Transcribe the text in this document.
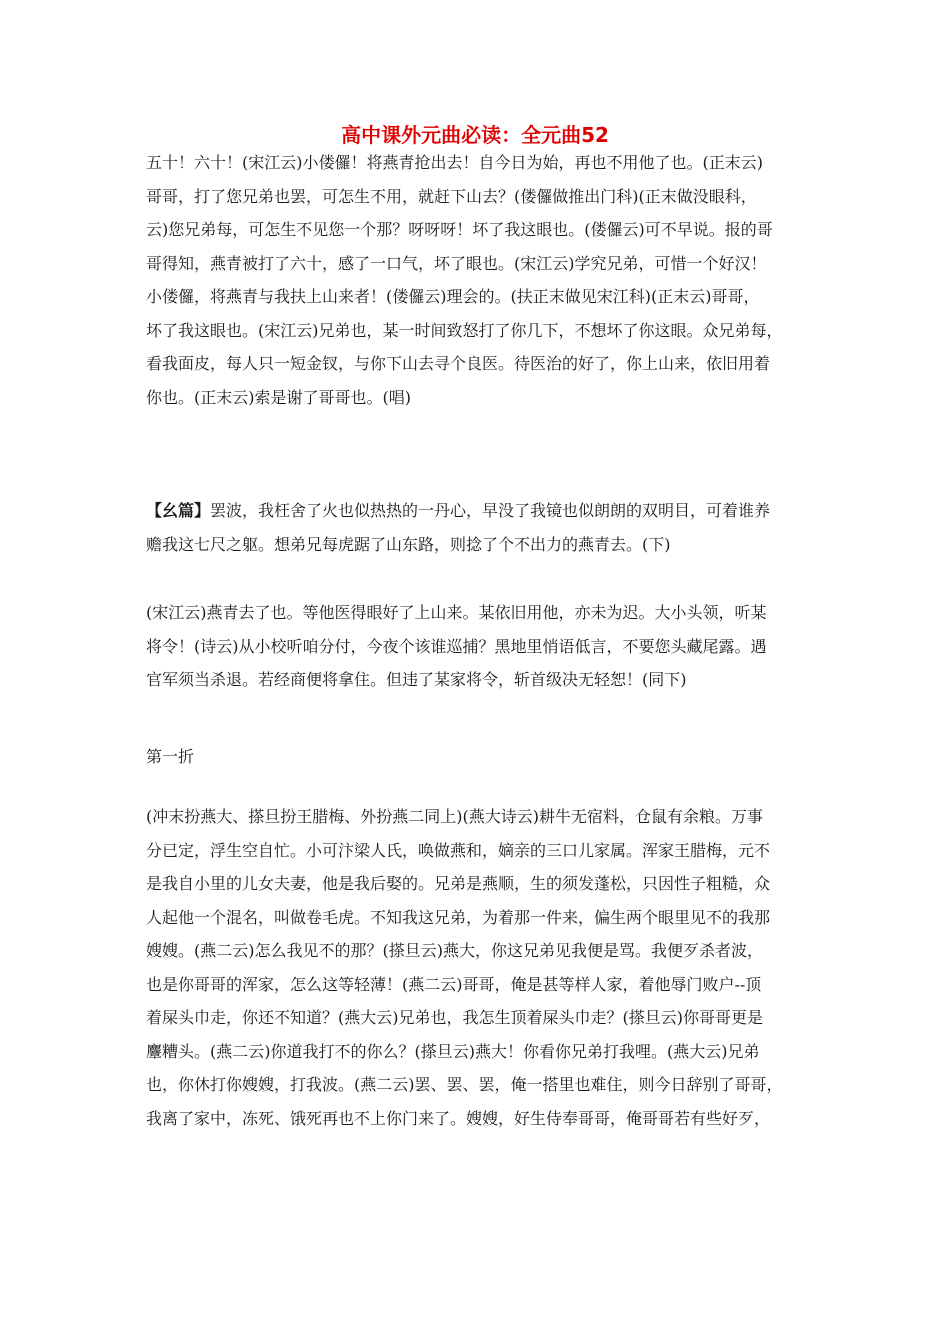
高中课外元曲必读：全元曲52
五十！六十！(宋江云)小偻儸！将燕青抢出去！自今日为始，再也不用他了也。(正末云)
哥哥，打了您兄弟也罢，可怎生不用，就赶下山去？(偻儸做推出门科)(正末做没眼科，
云)您兄弟每，可怎生不见您一个那？呀呀呀！坏了我这眼也。(偻儸云)可不早说。报的哥
哥得知，燕青被打了六十，感了一口气，坏了眼也。(宋江云)学究兄弟，可惜一个好汉！
小偻儸，将燕青与我扶上山来者！(偻儸云)理会的。(扶正末做见宋江科)(正末云)哥哥，
坏了我这眼也。(宋江云)兄弟也，某一时间致怒打了你几下，不想坏了你这眼。众兄弟每，
看我面皮，每人只一短金钗，与你下山去寻个良医。待医治的好了，你上山来，依旧用着
你也。(正末云)索是谢了哥哥也。(唱)
【幺篇】罢波，我枉舍了火也似热热的一丹心，早没了我镜也似朗朗的双明目，可着谁养
赡我这七尺之躯。想弟兄每虎踞了山东路，则捻了个不出力的燕青去。(下)
(宋江云)燕青去了也。等他医得眼好了上山来。某依旧用他，亦未为迟。大小头领，听某
将令！(诗云)从小校听咱分付，今夜个该谁巡捕？黑地里悄语低言，不要您头藏尾露。遇
官军须当杀退。若经商便将拿住。但违了某家将令，斩首级决无轻恕！(同下)
第一折
(冲末扮燕大、搽旦扮王腊梅、外扮燕二同上)(燕大诗云)耕牛无宿料，仓鼠有余粮。万事
分已定，浮生空自忙。小可汴梁人氏，唤做燕和，嫡亲的三口儿家属。浑家王腊梅，元不
是我自小里的儿女夫妻，他是我后娶的。兄弟是燕顺，生的须发蓬松，只因性子粗糙，众
人起他一个混名，叫做卷毛虎。不知我这兄弟，为着那一件来，偏生两个眼里见不的我那
嫂嫂。(燕二云)怎么我见不的那？(搽旦云)燕大，你这兄弟见我便是骂。我便歹杀者波，
也是你哥哥的浑家，怎么这等轻薄！(燕二云)哥哥，俺是甚等样人家，着他辱门败户--顶
着屎头巾走，你还不知道？(燕大云)兄弟也，我怎生顶着屎头巾走？(搽旦云)你哥哥更是
麞糟头。(燕二云)你道我打不的你么？(搽旦云)燕大！你看你兄弟打我哩。(燕大云)兄弟
也，你休打你嫂嫂，打我波。(燕二云)罢、罢、罢，俺一搭里也难住，则今日辞别了哥哥，
我离了家中，冻死、饿死再也不上你门来了。嫂嫂，好生侍奉哥哥，俺哥哥若有些好歹，
